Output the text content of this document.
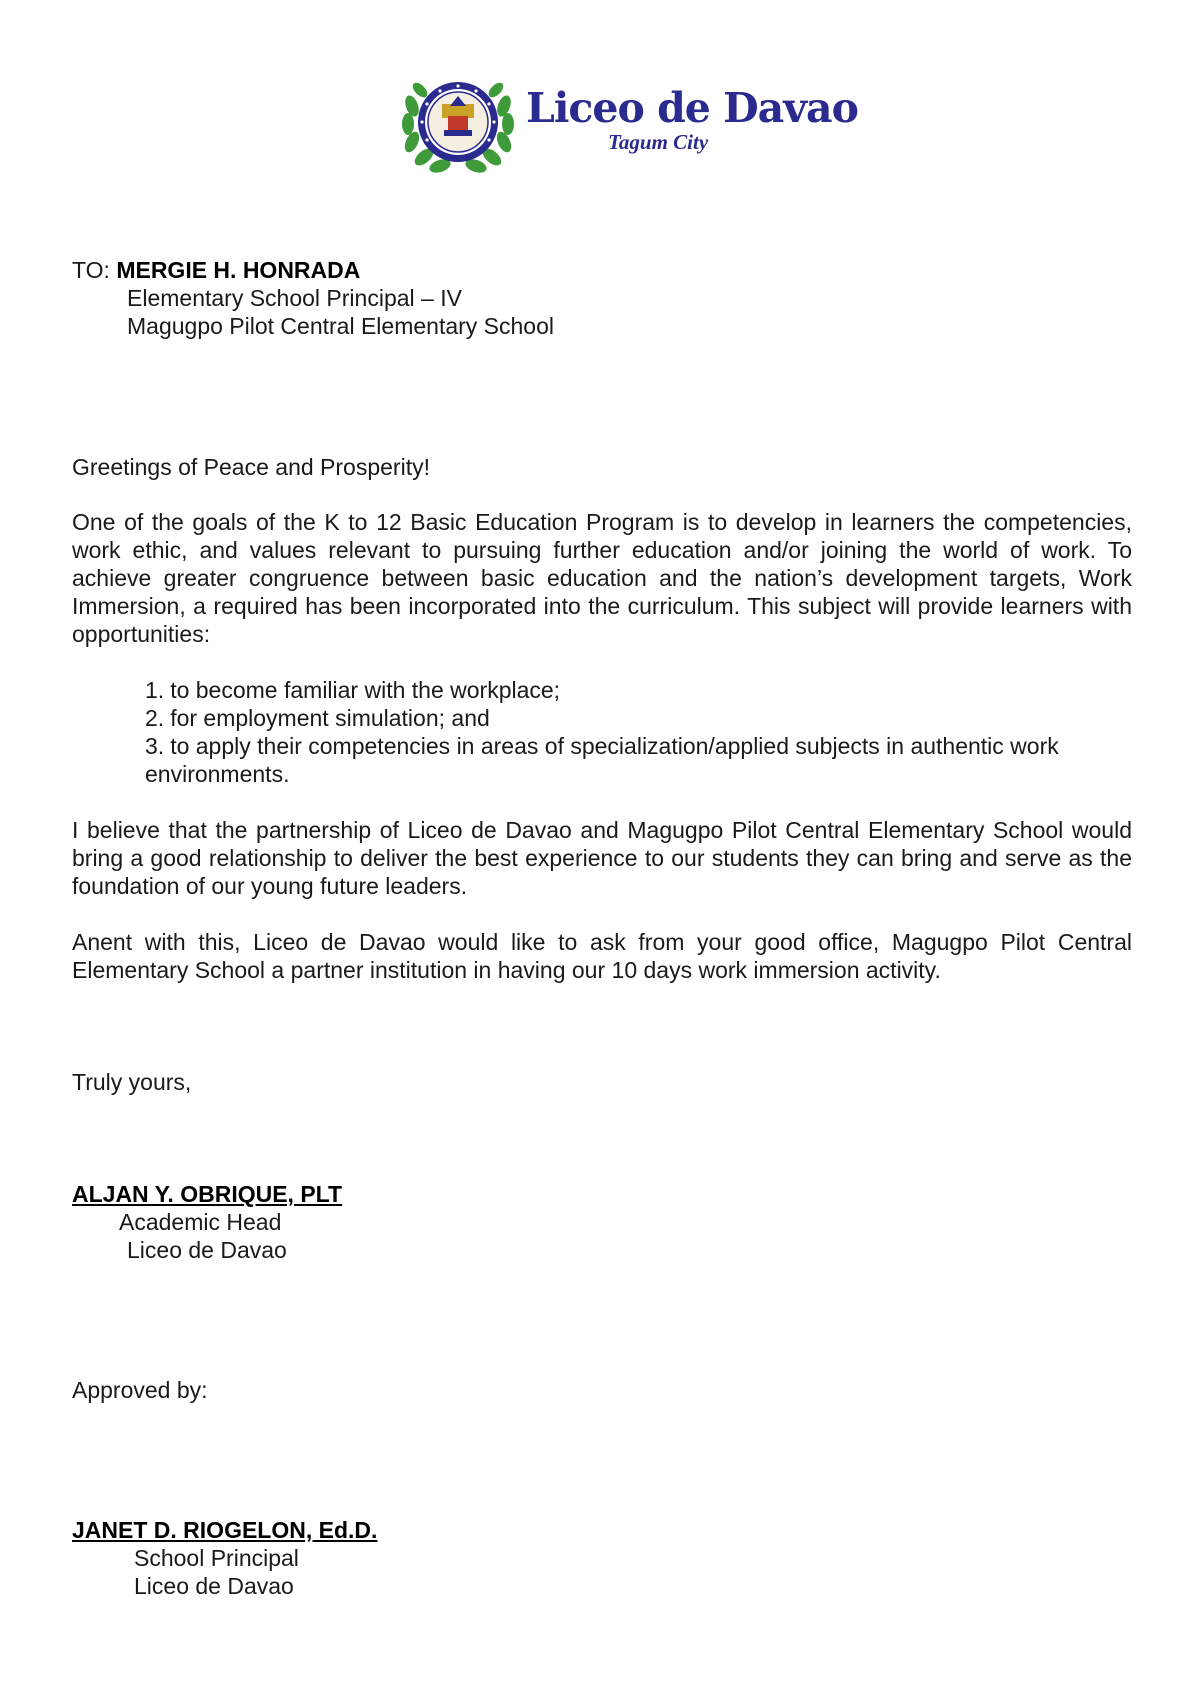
Liceo de Davao
Tagum City
TO: MERGIE H. HONRADA
Elementary School Principal – IV
Magugpo Pilot Central Elementary School
Greetings of Peace and Prosperity!
One of the goals of the K to 12 Basic Education Program is to develop in learners the competencies, work ethic, and values relevant to pursuing further education and/or joining the world of work. To achieve greater congruence between basic education and the nation’s development targets, Work Immersion, a required has been incorporated into the curriculum. This subject will provide learners with opportunities:
1. to become familiar with the workplace;
2. for employment simulation; and
3. to apply their competencies in areas of specialization/applied subjects in authentic work
environments.
I believe that the partnership of Liceo de Davao and Magugpo Pilot Central Elementary School would bring a good relationship to deliver the best experience to our students they can bring and serve as the foundation of our young future leaders.
Anent with this, Liceo de Davao would like to ask from your good office, Magugpo Pilot Central Elementary School a partner institution in having our 10 days work immersion activity.
Truly yours,
ALJAN Y. OBRIQUE, PLT
Academic Head
Liceo de Davao
Approved by:
JANET D. RIOGELON, Ed.D.
School Principal
Liceo de Davao
